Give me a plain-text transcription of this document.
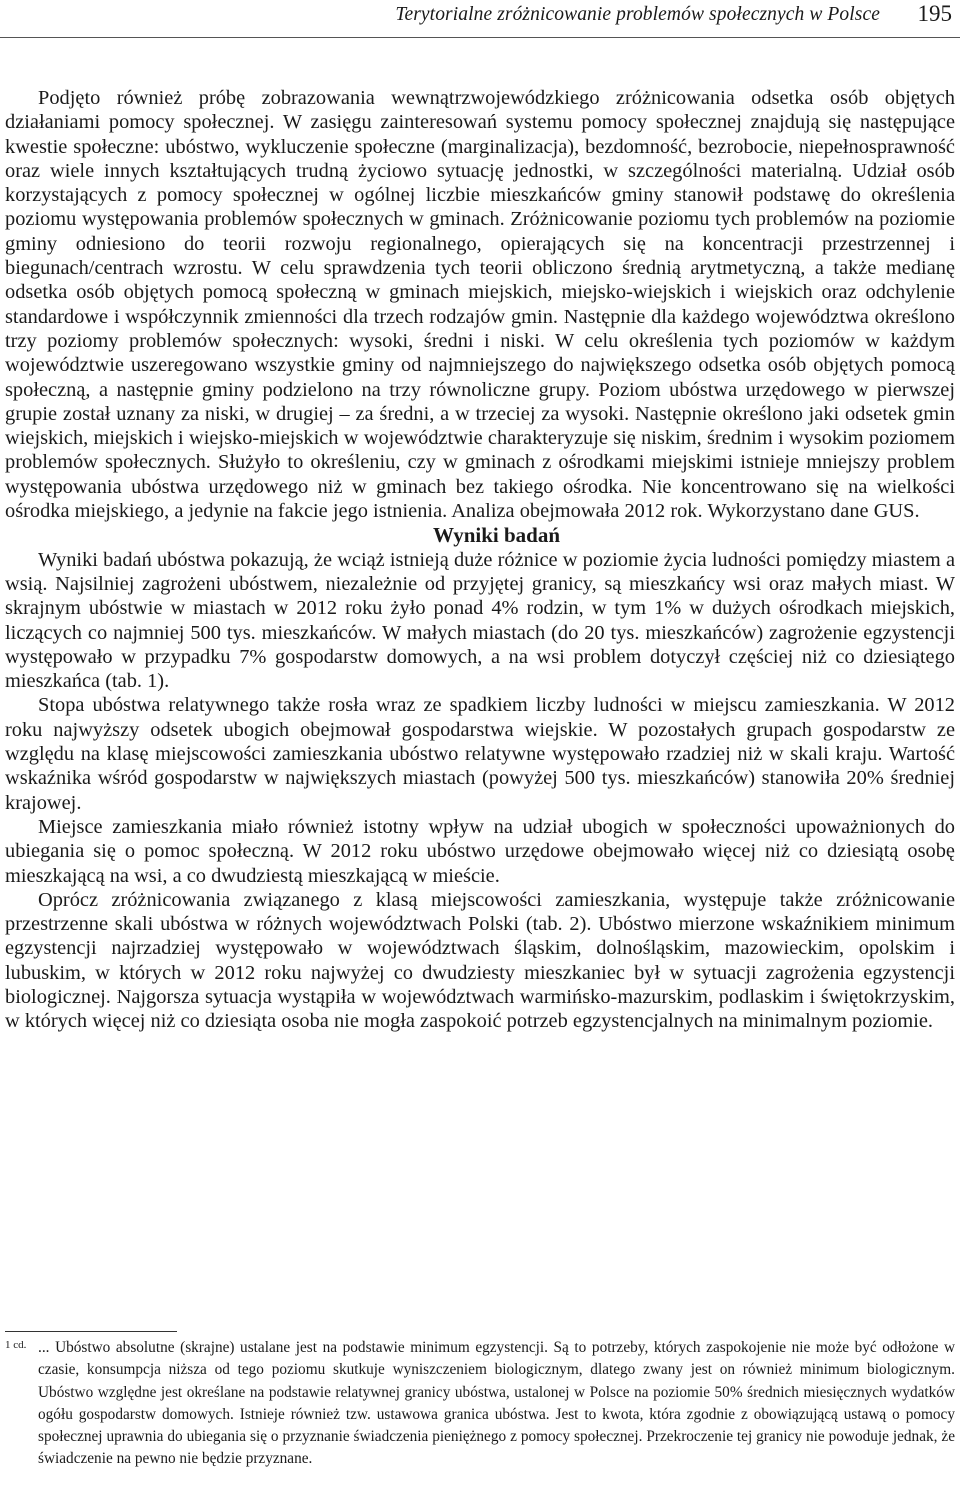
Terytorialne zróżnicowanie problemów społecznych w Polsce 195

Podjęto również próbę zobrazowania wewnątrzwojewódzkiego zróżnicowania odsetka osób objętych działaniami pomocy społecznej. W zasięgu zainteresowań systemu pomocy społecznej znajdują się następujące kwestie społeczne: ubóstwo, wykluczenie społeczne (marginalizacja), bezdomność, bezrobocie, niepełnosprawność oraz wiele innych kształtujących trudną życiowo sytuację jednostki, w szczególności materialną. Udział osób korzystających z pomocy społecznej w ogólnej liczbie mieszkańców gminy stanowił podstawę do określenia poziomu występowania problemów społecznych w gminach. Zróżnicowanie poziomu tych problemów na poziomie gminy odniesiono do teorii rozwoju regionalnego, opierających się na koncentracji przestrzennej i biegunach/centrach wzrostu. W celu sprawdzenia tych teorii obliczono średnią arytmetyczną, a także medianę odsetka osób objętych pomocą społeczną w gminach miejskich, miejsko-wiejskich i wiejskich oraz odchylenie standardowe i współczynnik zmienności dla trzech rodzajów gmin. Następnie dla każdego województwa określono trzy poziomy problemów społecznych: wysoki, średni i niski. W celu określenia tych poziomów w każdym województwie uszeregowano wszystkie gminy od najmniejszego do największego odsetka osób objętych pomocą społeczną, a następnie gminy podzielono na trzy równoliczne grupy. Poziom ubóstwa urzędowego w pierwszej grupie został uznany za niski, w drugiej – za średni, a w trzeciej za wysoki. Następnie określono jaki odsetek gmin wiejskich, miejskich i wiejsko-miejskich w województwie charakteryzuje się niskim, średnim i wysokim poziomem problemów społecznych. Służyło to określeniu, czy w gminach z ośrodkami miejskimi istnieje mniejszy problem występowania ubóstwa urzędowego niż w gminach bez takiego ośrodka. Nie koncentrowano się na wielkości ośrodka miejskiego, a jedynie na fakcie jego istnienia. Analiza obejmowała 2012 rok. Wykorzystano dane GUS.

Wyniki badań

Wyniki badań ubóstwa pokazują, że wciąż istnieją duże różnice w poziomie życia ludności pomiędzy miastem a wsią. Najsilniej zagrożeni ubóstwem, niezależnie od przyjętej granicy, są mieszkańcy wsi oraz małych miast. W skrajnym ubóstwie w miastach w 2012 roku żyło ponad 4% rodzin, w tym 1% w dużych ośrodkach miejskich, liczących co najmniej 500 tys. mieszkańców. W małych miastach (do 20 tys. mieszkańców) zagrożenie egzystencji występowało w przypadku 7% gospodarstw domowych, a na wsi problem dotyczył częściej niż co dziesiątego mieszkańca (tab. 1).

Stopa ubóstwa relatywnego także rosła wraz ze spadkiem liczby ludności w miejscu zamieszkania. W 2012 roku najwyższy odsetek ubogich obejmował gospodarstwa wiejskie. W pozostałych grupach gospodarstw ze względu na klasę miejscowości zamieszkania ubóstwo relatywne występowało rzadziej niż w skali kraju. Wartość wskaźnika wśród gospodarstw w największych miastach (powyżej 500 tys. mieszkańców) stanowiła 20% średniej krajowej.

Miejsce zamieszkania miało również istotny wpływ na udział ubogich w społeczności upoważnionych do ubiegania się o pomoc społeczną. W 2012 roku ubóstwo urzędowe obejmowało więcej niż co dziesiątą osobę mieszkającą na wsi, a co dwudziestą mieszkającą w mieście.

Oprócz zróżnicowania związanego z klasą miejscowości zamieszkania, występuje także zróżnicowanie przestrzenne skali ubóstwa w różnych województwach Polski (tab. 2). Ubóstwo mierzone wskaźnikiem minimum egzystencji najrzadziej występowało w województwach śląskim, dolnośląskim, mazowieckim, opolskim i lubuskim, w których w 2012 roku najwyżej co dwudziesty mieszkaniec był w sytuacji zagrożenia egzystencji biologicznej. Najgorsza sytuacja wystąpiła w województwach warmińsko-mazurskim, podlaskim i świętokrzyskim, w których więcej niż co dziesiąta osoba nie mogła zaspokoić potrzeb egzystencjalnych na minimalnym poziomie.

1 cd. ... Ubóstwo absolutne (skrajne) ustalane jest na podstawie minimum egzystencji. Są to potrzeby, których zaspokojenie nie może być odłożone w czasie, konsumpcja niższa od tego poziomu skutkuje wyniszczeniem biologicznym, dlatego zwany jest on również minimum biologicznym. Ubóstwo względne jest określane na podstawie relatywnej granicy ubóstwa, ustalonej w Polsce na poziomie 50% średnich miesięcznych wydatków ogółu gospodarstw domowych. Istnieje również tzw. ustawowa granica ubóstwa. Jest to kwota, która zgodnie z obowiązującą ustawą o pomocy społecznej uprawnia do ubiegania się o przyznanie świadczenia pieniężnego z pomocy społecznej. Przekroczenie tej granicy nie powoduje jednak, że świadczenie na pewno nie będzie przyznane.
